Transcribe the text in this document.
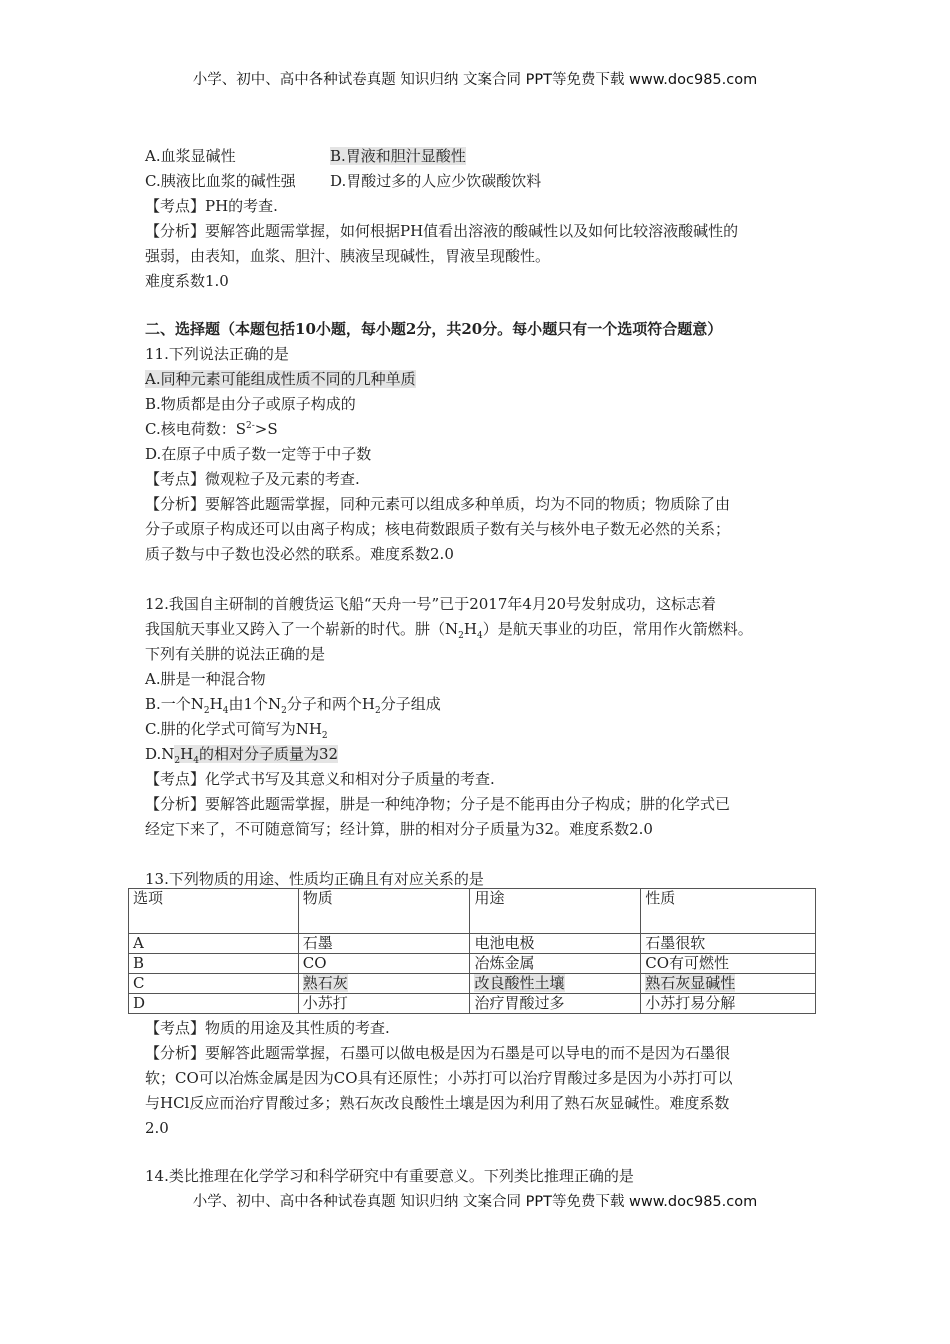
小学、初中、高中各种试卷真题 知识归纳 文案合同 PPT等免费下载 www.doc985.com
A.血浆显碱性	B.胃液和胆汁显酸性
C.胰液比血浆的碱性强 D.胃酸过多的人应少饮碳酸饮料
【考点】PH的考查.
【分析】要解答此题需掌握，如何根据PH值看出溶液的酸碱性以及如何比较溶液酸碱性的
强弱，由表知，血浆、胆汁、胰液呈现碱性，胃液呈现酸性。
难度系数1.0
二、选择题（本题包括10小题，每小题2分，共20分。每小题只有一个选项符合题意）
11.下列说法正确的是
A.同种元素可能组成性质不同的几种单质
B.物质都是由分子或原子构成的
C.核电荷数：$S^{2-}>S$
D.在原子中质子数一定等于中子数
【考点】微观粒子及元素的考查.
【分析】要解答此题需掌握，同种元素可以组成多种单质，均为不同的物质；物质除了由
分子或原子构成还可以由离子构成；核电荷数跟质子数有关与核外电子数无必然的关系；
质子数与中子数也没必然的联系。难度系数2.0
12.我国自主研制的首艘货运飞船“天舟一号”已于2017年4月20号发射成功，这标志着
我国航天事业又跨入了一个崭新的时代。肼$(N_2H_4)$是航天事业的功臣，常用作火箭燃料。
下列有关肼的说法正确的是
A.肼是一种混合物
B.一个$N_2H_4$由1个$N_2$分子和两个$H_2$分子组成
C.肼的化学式可简写为$NH_2$
$D.N_2H_4$的相对分子质量为32
【考点】化学式书写及其意义和相对分子质量的考查.
【分析】要解答此题需掌握，肼是一种纯净物；分子是不能再由分子构成；肼的化学式已
经定下来了，不可随意简写；经计算，肼的相对分子质量为32。难度系数2.0
13.下列物质的用途、性质均正确且有对应关系的是
选项	物质	用途	性质
A	石墨	电池电极	石墨很软
B	CO	冶炼金属	CO有可燃性
C	熟石灰	改良酸性土壤	熟石灰显碱性
D	小苏打	治疗胃酸过多	小苏打易分解
【考点】物质的用途及其性质的考查.
【分析】要解答此题需掌握，石墨可以做电极是因为石墨是可以导电的而不是因为石墨很
软；CO可以冶炼金属是因为CO具有还原性；小苏打可以治疗胃酸过多是因为小苏打可以
与HCl反应而治疗胃酸过多；熟石灰改良酸性土壤是因为利用了熟石灰显碱性。难度系数
2.0
14.类比推理在化学学习和科学研究中有重要意义。下列类比推理正确的是
小学、初中、高中各种试卷真题 知识归纳 文案合同 PPT等免费下载 www.doc985.com
